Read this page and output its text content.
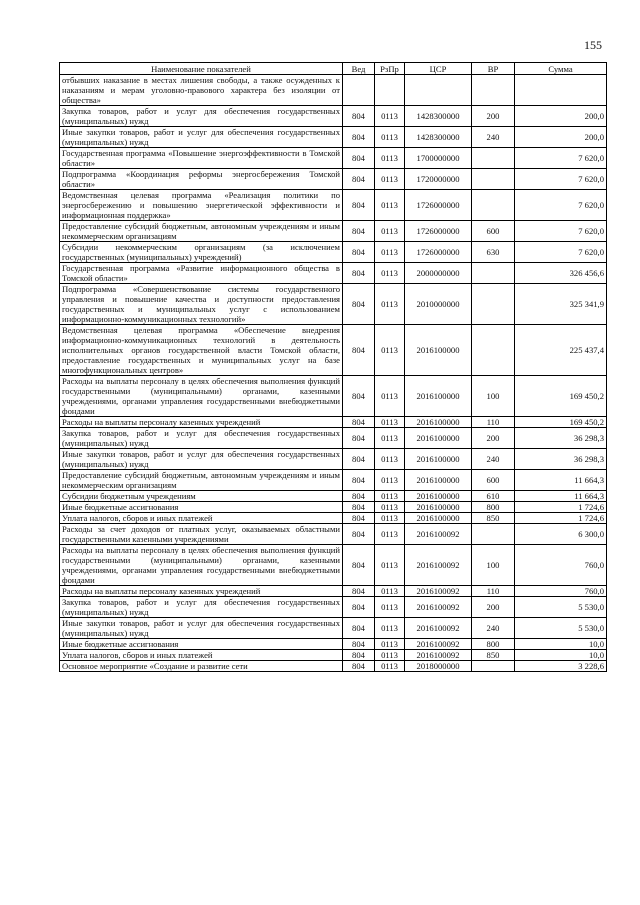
155
Наименование показателей	Вед	РзПр	ЦСР	ВР	Сумма
отбывших наказание в местах лишения свободы, а также осужденных к наказаниям и мерам уголовно-правового характера без изоляции от общества»					
Закупка товаров, работ и услуг для обеспечения государственных (муниципальных) нужд	804	0113	1428300000	200	200,0
Иные закупки товаров, работ и услуг для обеспечения государственных (муниципальных) нужд	804	0113	1428300000	240	200,0
Государственная программа «Повышение энергоэффективности в Томской области»	804	0113	1700000000		7 620,0
Подпрограмма «Координация реформы энергосбережения Томской области»	804	0113	1720000000		7 620,0
Ведомственная целевая программа «Реализация политики по энергосбережению и повышению энергетической эффективности и информационная поддержка»	804	0113	1726000000		7 620,0
Предоставление субсидий бюджетным, автономным учреждениям и иным некоммерческим организациям	804	0113	1726000000	600	7 620,0
Субсидии некоммерческим организациям (за исключением государственных (муниципальных) учреждений)	804	0113	1726000000	630	7 620,0
Государственная программа «Развитие информационного общества в Томской области»	804	0113	2000000000		326 456,6
Подпрограмма «Совершенствование системы государственного управления и повышение качества и доступности предоставления государственных и муниципальных услуг с использованием информационно-коммуникационных технологий»	804	0113	2010000000		325 341,9
Ведомственная целевая программа «Обеспечение внедрения информационно-коммуникационных технологий в деятельность исполнительных органов государственной власти Томской области, предоставление государственных и муниципальных услуг на базе многофункциональных центров»	804	0113	2016100000		225 437,4
Расходы на выплаты персоналу в целях обеспечения выполнения функций государственными (муниципальными) органами, казенными учреждениями, органами управления государственными внебюджетными фондами	804	0113	2016100000	100	169 450,2
Расходы на выплаты персоналу казенных учреждений	804	0113	2016100000	110	169 450,2
Закупка товаров, работ и услуг для обеспечения государственных (муниципальных) нужд	804	0113	2016100000	200	36 298,3
Иные закупки товаров, работ и услуг для обеспечения государственных (муниципальных) нужд	804	0113	2016100000	240	36 298,3
Предоставление субсидий бюджетным, автономным учреждениям и иным некоммерческим организациям	804	0113	2016100000	600	11 664,3
Субсидии бюджетным учреждениям	804	0113	2016100000	610	11 664,3
Иные бюджетные ассигнования	804	0113	2016100000	800	1 724,6
Уплата налогов, сборов и иных платежей	804	0113	2016100000	850	1 724,6
Расходы за счет доходов от платных услуг, оказываемых областными государственными казенными учреждениями	804	0113	2016100092		6 300,0
Расходы на выплаты персоналу в целях обеспечения выполнения функций государственными (муниципальными) органами, казенными учреждениями, органами управления государственными внебюджетными фондами	804	0113	2016100092	100	760,0
Расходы на выплаты персоналу казенных учреждений	804	0113	2016100092	110	760,0
Закупка товаров, работ и услуг для обеспечения государственных (муниципальных) нужд	804	0113	2016100092	200	5 530,0
Иные закупки товаров, работ и услуг для обеспечения государственных (муниципальных) нужд	804	0113	2016100092	240	5 530,0
Иные бюджетные ассигнования	804	0113	2016100092	800	10,0
Уплата налогов, сборов и иных платежей	804	0113	2016100092	850	10,0
Основное мероприятие «Создание и развитие сети	804	0113	2018000000		3 228,6
